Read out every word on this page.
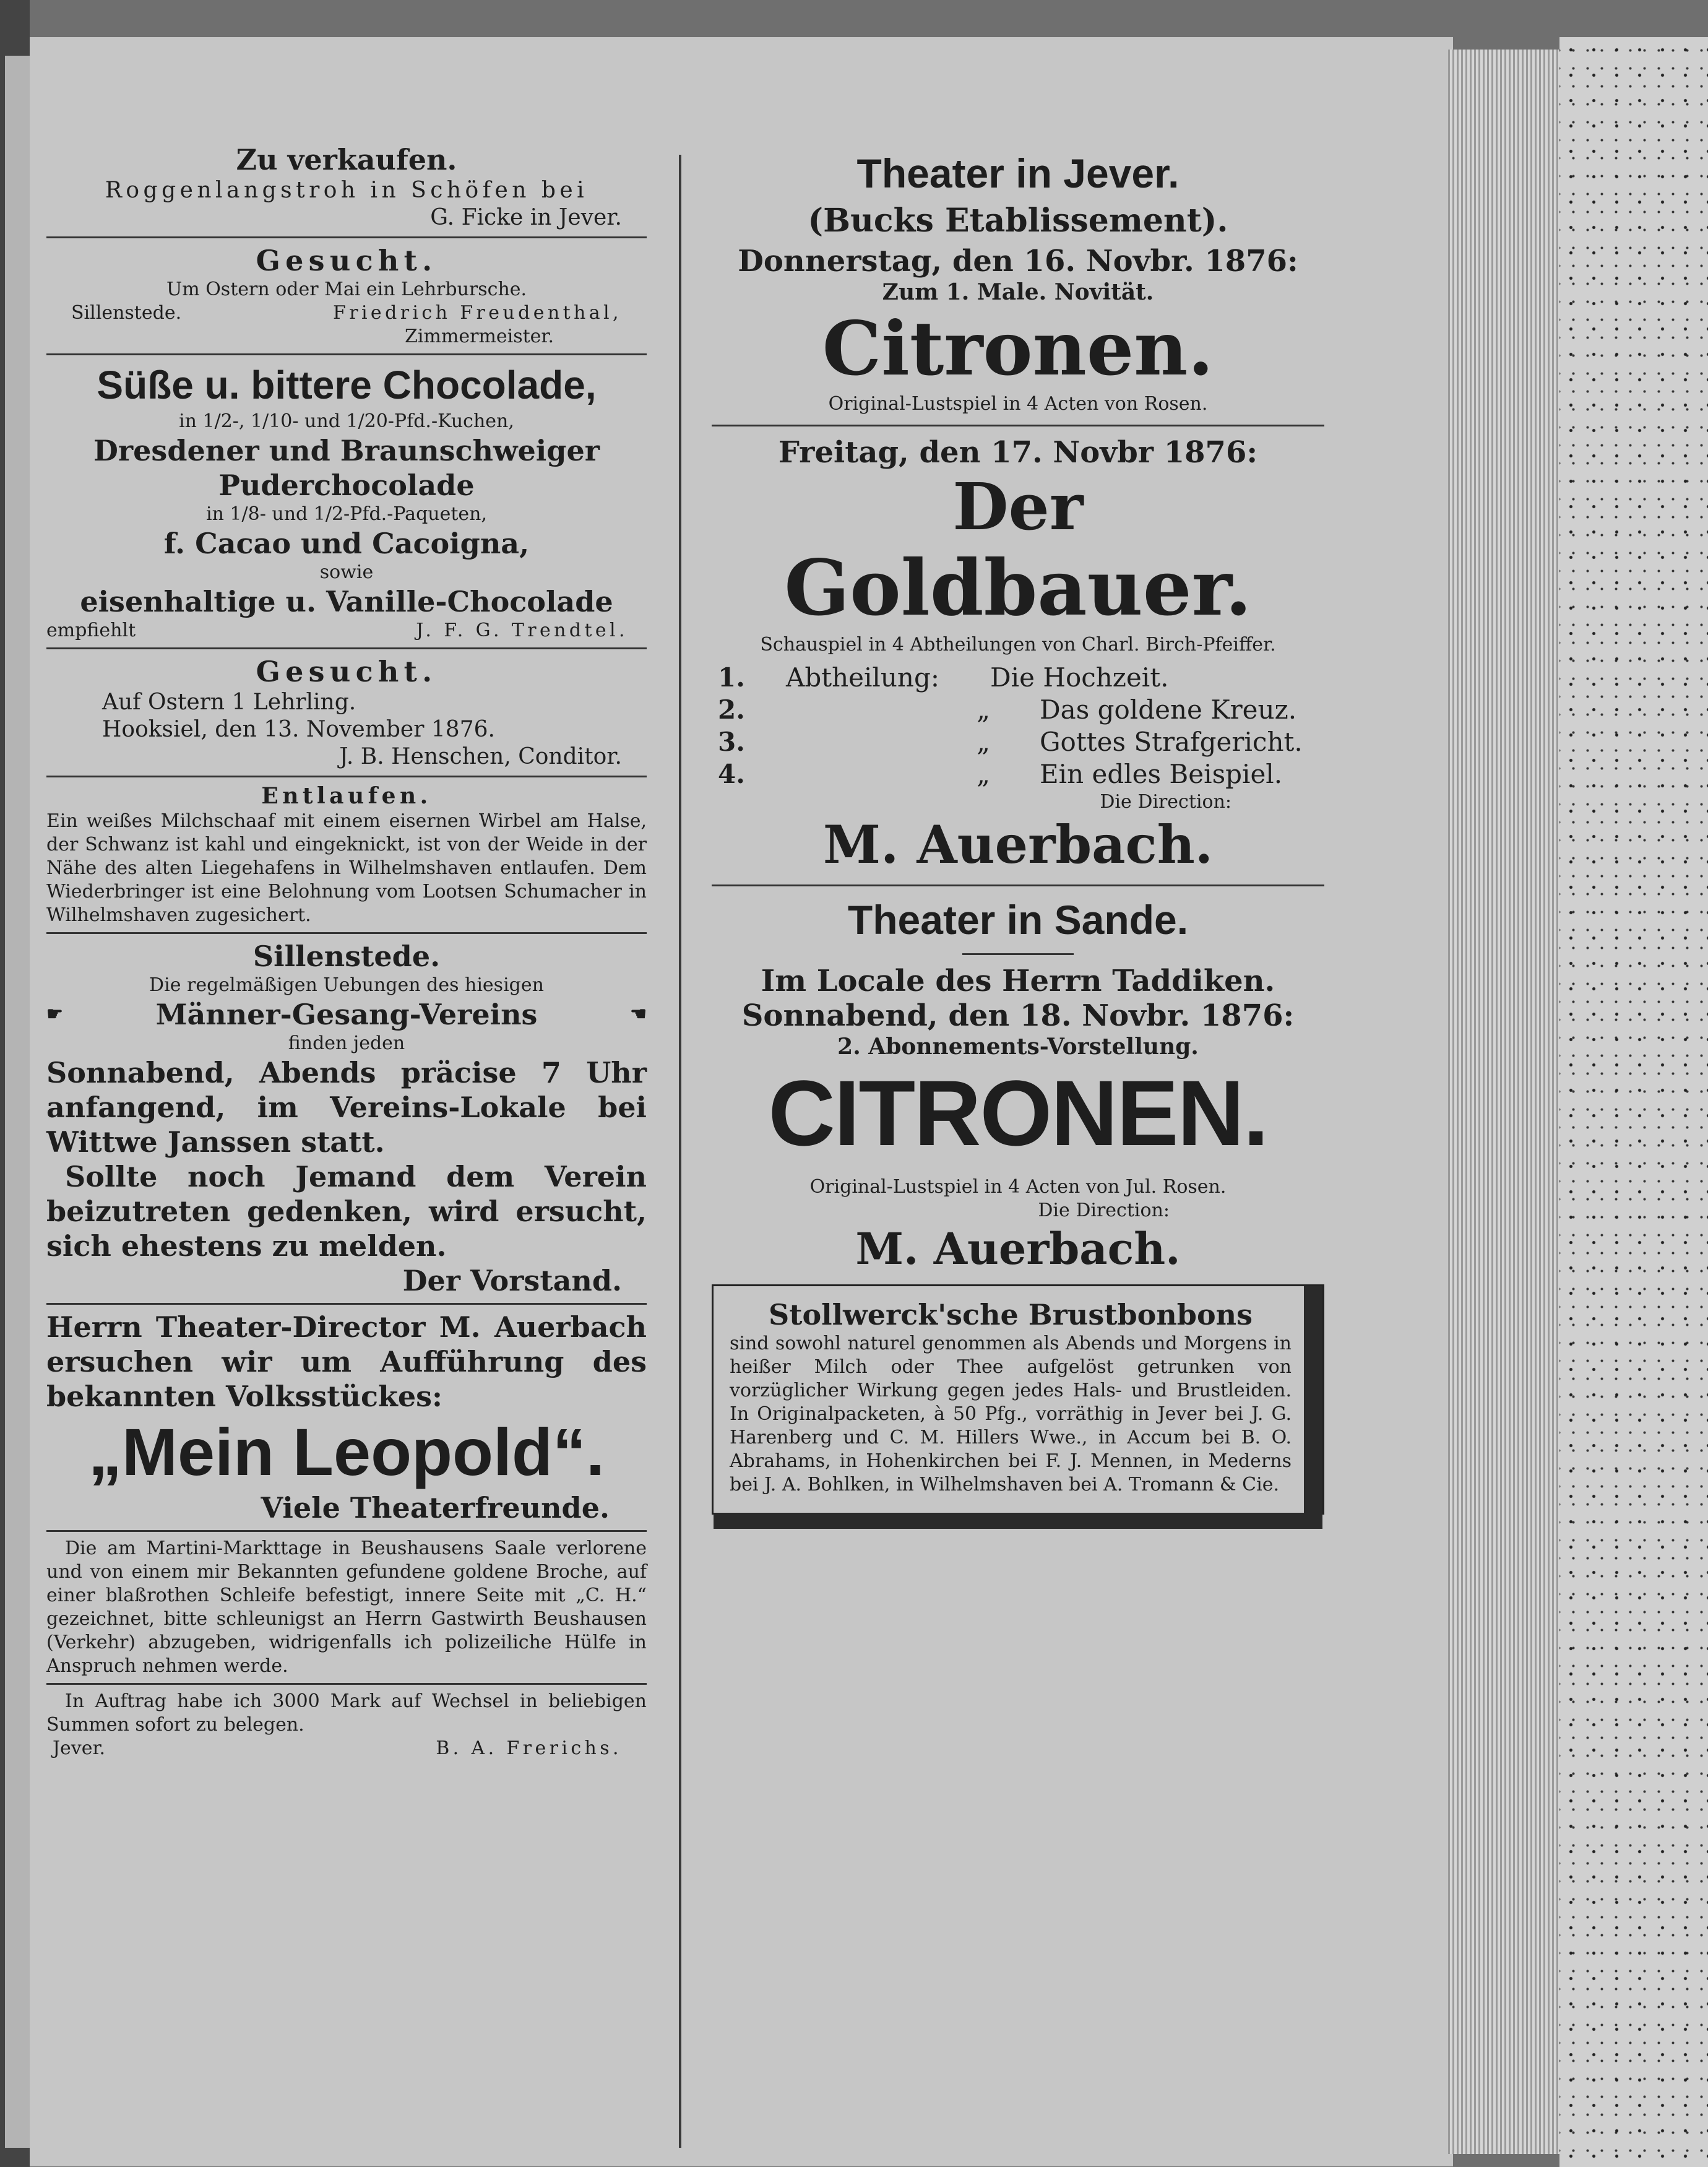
Zu verkaufen.
Roggenlangstroh in Schöfen bei
G. Ficke in Jever.
Gesucht.
Um Ostern oder Mai ein Lehrbursche.
Sillenstede.	Friedrich Freudenthal,
Zimmermeister.
Süße u. bittere Chocolade,
in 1/2-, 1/10- und 1/20-Pfd.-Kuchen,
Dresdener und Braunschweiger
Puderchocolade
in 1/8- und 1/2-Pfd.-Paqueten,
f. Cacao und Cacoigna,
sowie
eisenhaltige u. Vanille-Chocolade
empfiehlt	J. F. G. Trendtel.
Gesucht.
Auf Ostern 1 Lehrling.
Hooksiel, den 13. November 1876.
J. B. Henschen, Conditor.
Entlaufen.
Ein weißes Milchschaaf mit einem eisernen Wirbel am Halse, der Schwanz ist kahl und eingeknickt, ist von der Weide in der Nähe des alten Liegehafens in Wilhelmshaven entlaufen. Dem Wiederbringer ist eine Belohnung vom Lootsen Schumacher in Wilhelmshaven zugesichert.
Sillenstede.
Die regelmäßigen Uebungen des hiesigen
☛	Männer-Gesang-Vereins	☚
finden jeden
Sonnabend, Abends präcise 7 Uhr anfangend, im Vereins-Lokale bei Wittwe Janssen statt.
Sollte noch Jemand dem Verein beizutreten gedenken, wird ersucht, sich ehestens zu melden.
Der Vorstand.
Herrn Theater-Director M. Auerbach ersuchen wir um Aufführung des bekannten Volksstückes:
„Mein Leopold“.
Viele Theaterfreunde.
Die am Martini-Markttage in Beushausens Saale verlorene und von einem mir Bekannten gefundene goldene Broche, auf einer blaßrothen Schleife befestigt, innere Seite mit „C. H.“ gezeichnet, bitte schleunigst an Herrn Gastwirth Beushausen (Verkehr) abzugeben, widrigenfalls ich polizeiliche Hülfe in Anspruch nehmen werde.
In Auftrag habe ich 3000 Mark auf Wechsel in beliebigen Summen sofort zu belegen.
Jever.	B. A. Frerichs.
Theater in Jever.
(Bucks Etablissement).
Donnerstag, den 16. Novbr. 1876:
Zum 1. Male. Novität.
Citronen.
Original-Lustspiel in 4 Acten von Rosen.
Freitag, den 17. Novbr 1876:
Der
Goldbauer.
Schauspiel in 4 Abtheilungen von Charl. Birch-Pfeiffer.
1.	Abtheilung:	Die Hochzeit.
2.	„	Das goldene Kreuz.
3.	„	Gottes Strafgericht.
4.	„	Ein edles Beispiel.
Die Direction:
M. Auerbach.
Theater in Sande.
Im Locale des Herrn Taddiken.
Sonnabend, den 18. Novbr. 1876:
2. Abonnements-Vorstellung.
CITRONEN.
Original-Lustspiel in 4 Acten von Jul. Rosen.
Die Direction:
M. Auerbach.
Stollwerck'sche Brustbonbons
sind sowohl naturel genommen als Abends und Morgens in heißer Milch oder Thee aufgelöst getrunken von vorzüglicher Wirkung gegen jedes Hals- und Brustleiden. In Originalpacketen, à 50 Pfg., vorräthig in Jever bei J. G. Harenberg und C. M. Hillers Wwe., in Accum bei B. O. Abrahams, in Hohenkirchen bei F. J. Mennen, in Mederns bei J. A. Bohlken, in Wilhelmshaven bei A. Tromann & Cie.
